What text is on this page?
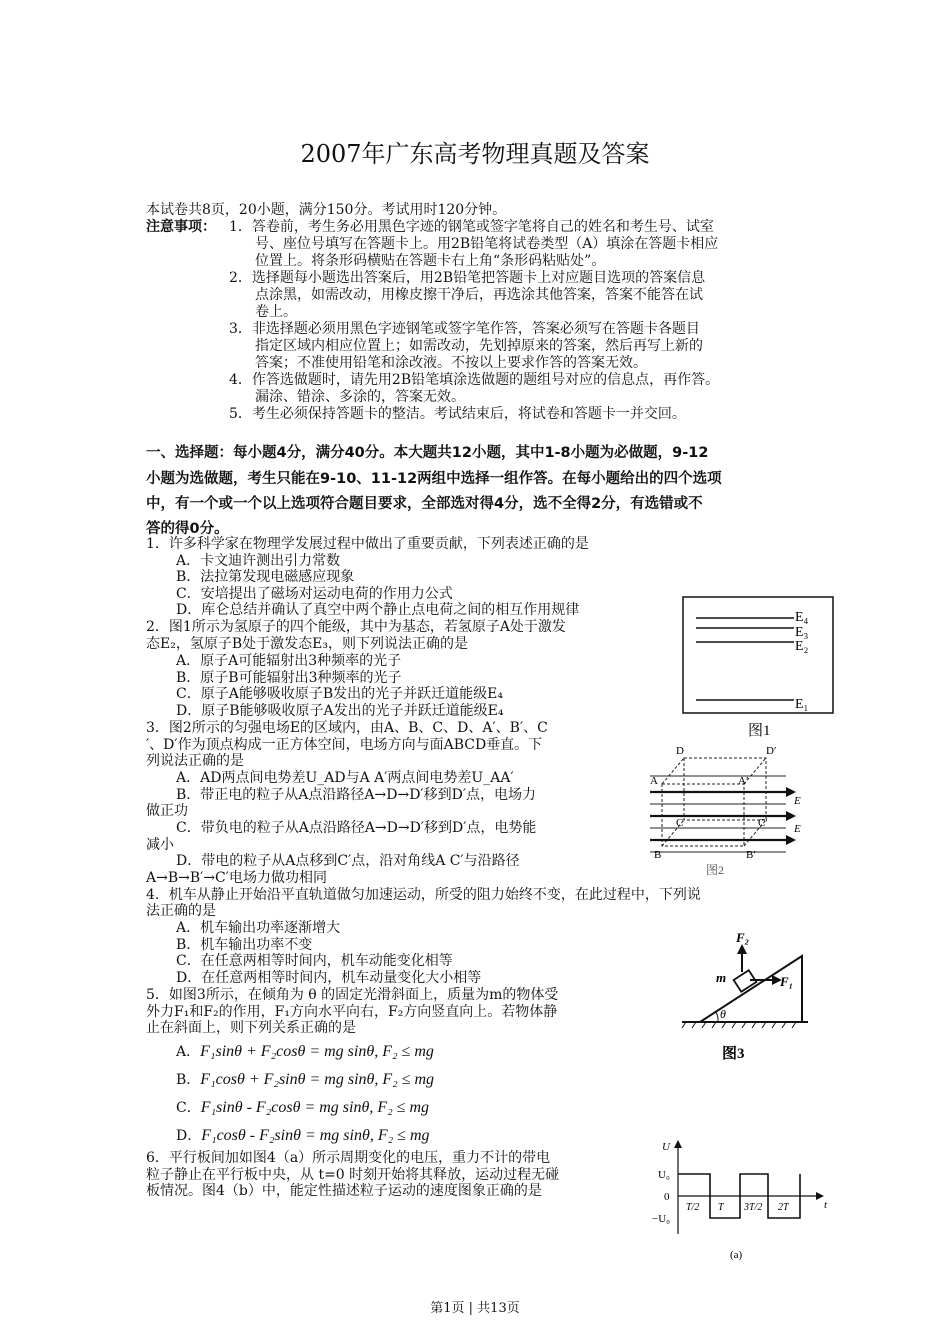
2007年广东高考物理真题及答案
本试卷共8页，20小题，满分150分。考试用时120分钟。
注意事项： 1．答卷前，考生务必用黑色字迹的钢笔或签字笔将自己的姓名和考生号、试室
号、座位号填写在答题卡上。用2B铅笔将试卷类型（A）填涂在答题卡相应
位置上。将条形码横贴在答题卡右上角“条形码粘贴处”。
2．选择题每小题选出答案后，用2B铅笔把答题卡上对应题目选项的答案信息
点涂黑，如需改动，用橡皮擦干净后，再选涂其他答案，答案不能答在试
卷上。
3．非选择题必须用黑色字迹钢笔或签字笔作答，答案必须写在答题卡各题目
指定区域内相应位置上；如需改动，先划掉原来的答案，然后再写上新的
答案；不准使用铅笔和涂改液。不按以上要求作答的答案无效。
4．作答选做题时，请先用2B铅笔填涂选做题的题组号对应的信息点，再作答。
漏涂、错涂、多涂的，答案无效。
5．考生必须保持答题卡的整洁。考试结束后，将试卷和答题卡一并交回。
一、选择题：每小题4分，满分40分。本大题共12小题，其中1-8小题为必做题，9-12
小题为选做题，考生只能在9-10、11-12两组中选择一组作答。在每小题给出的四个选项
中，有一个或一个以上选项符合题目要求，全部选对得4分，选不全得2分，有选错或不
答的得0分。
1．许多科学家在物理学发展过程中做出了重要贡献，下列表述正确的是
A．卡文迪许测出引力常数
B．法拉第发现电磁感应现象
C．安培提出了磁场对运动电荷的作用力公式
D．库仑总结并确认了真空中两个静止点电荷之间的相互作用规律
2．图1所示为氢原子的四个能级，其中为基态，若氢原子A处于激发
态E₂，氢原子B处于激发态E₃，则下列说法正确的是
A．原子A可能辐射出3种频率的光子
B．原子B可能辐射出3种频率的光子
C．原子A能够吸收原子B发出的光子并跃迁道能级E₄
D．原子B能够吸收原子A发出的光子并跃迁道能级E₄
3．图2所示的匀强电场E的区域内，由A、B、C、D、A′、B′、C
′、D′作为顶点构成一正方体空间，电场方向与面ABCD垂直。下
列说法正确的是
A．AD两点间电势差U_AD与A A′两点间电势差U_AA′
B．带正电的粒子从A点沿路径A→D→D′移到D′点，电场力
做正功
C．带负电的粒子从A点沿路径A→D→D′移到D′点，电势能
减小
D．带电的粒子从A点移到C′点，沿对角线A C′与沿路径
A→B→B′→C′电场力做功相同
4．机车从静止开始沿平直轨道做匀加速运动，所受的阻力始终不变，在此过程中，下列说
法正确的是
A．机车输出功率逐渐增大
B．机车输出功率不变
C．在任意两相等时间内，机车动能变化相等
D．在任意两相等时间内，机车动量变化大小相等
5．如图3所示，在倾角为 θ 的固定光滑斜面上，质量为m的物体受
外力F₁和F₂的作用，F₁方向水平向右，F₂方向竖直向上。若物体静
止在斜面上，则下列关系正确的是
A．F₁sinθ + F₂cosθ = mg sinθ, F₂ ≤ mg
B．F₁cosθ + F₂sinθ = mg sinθ, F₂ ≤ mg
C．F₁sinθ - F₂cosθ = mg sinθ, F₂ ≤ mg
D．F₁cosθ - F₂sinθ = mg sinθ, F₂ ≤ mg
6．平行板间加如图4（a）所示周期变化的电压，重力不计的带电
粒子静止在平行板中央，从 t=0 时刻开始将其释放，运动过程无碰
板情况。图4（b）中，能定性描述粒子运动的速度图象正确的是
E₄
E₃
E₂
E₁
图1
D	D′
A	A′
C	C′
B	B′
E
E
图2
F₂
m	F₁
θ
图3
U
U₀
0
−U₀
T/2 T 3T/2 2T	t
(a)
第1页 | 共13页
